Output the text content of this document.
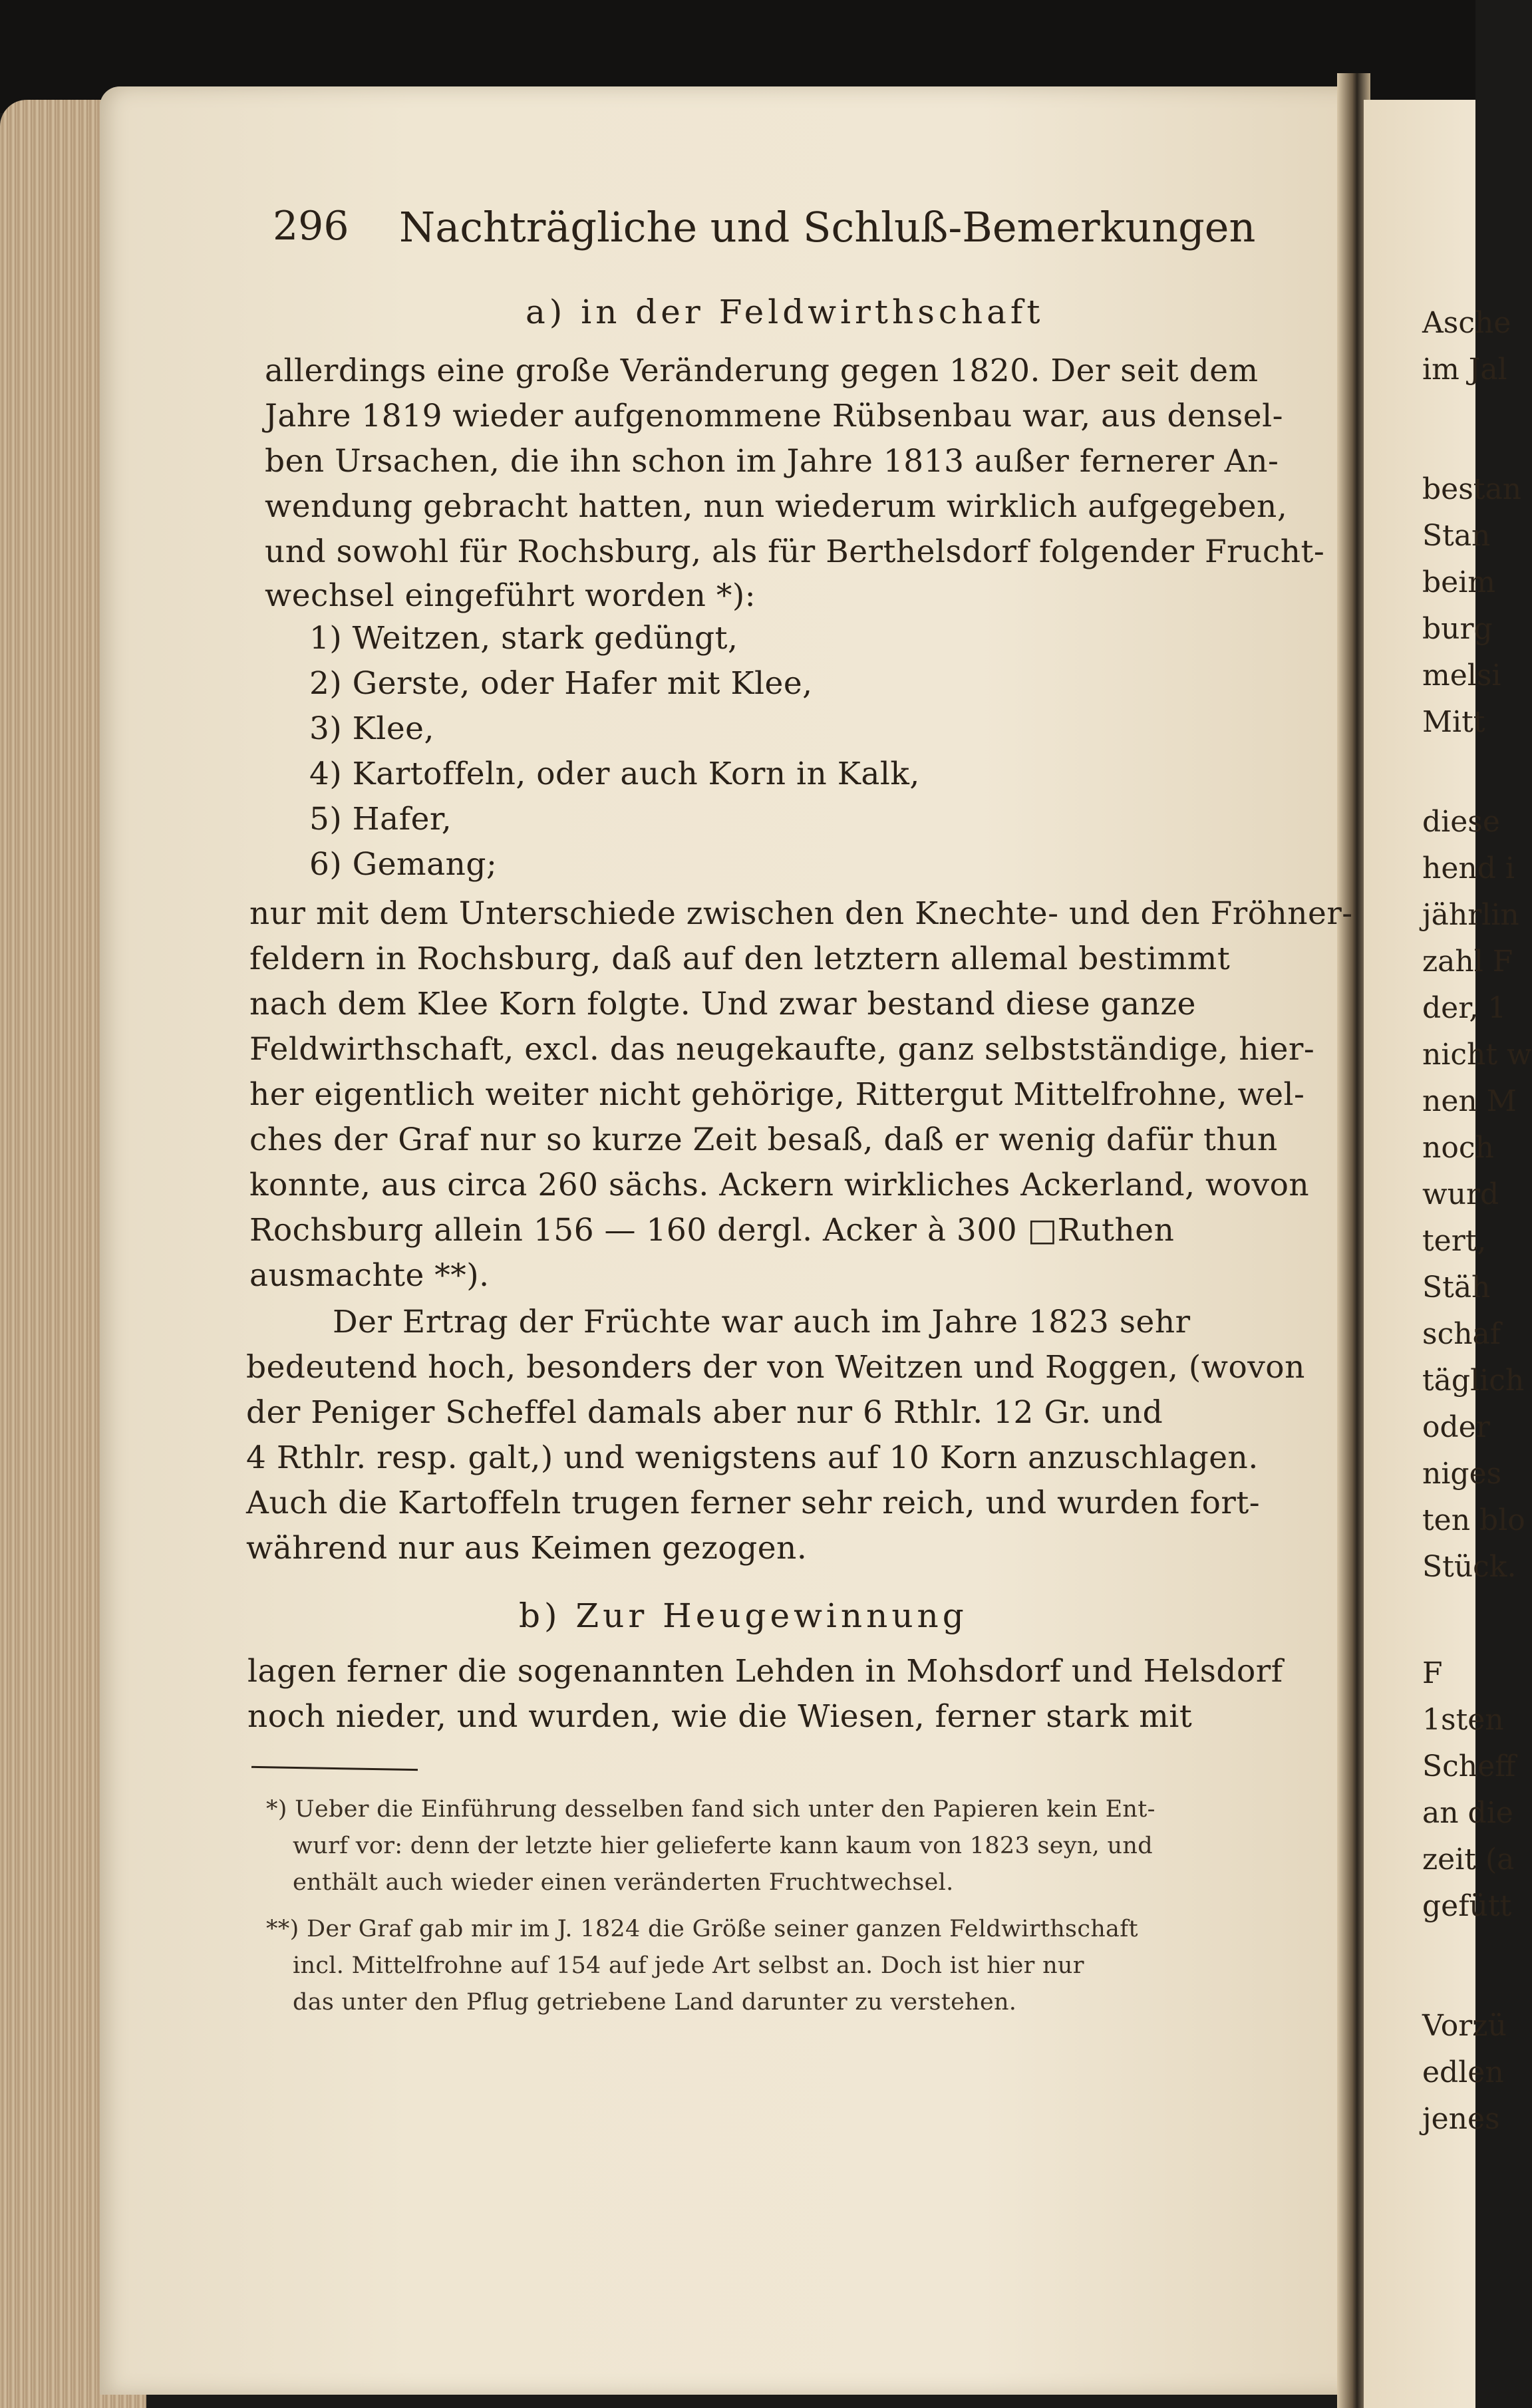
296 Nachträgliche und Schluß-Bemerkungen
a) in der Feldwirthschaft
allerdings eine große Veränderung gegen 1820. Der seit dem
Jahre 1819 wieder aufgenommene Rübsenbau war, aus densel-
ben Ursachen, die ihn schon im Jahre 1813 außer fernerer An-
wendung gebracht hatten, nun wiederum wirklich aufgegeben,
und sowohl für Rochsburg, als für Berthelsdorf folgender Frucht-
wechsel eingeführt worden *):
1) Weitzen, stark gedüngt,
2) Gerste, oder Hafer mit Klee,
3) Klee,
4) Kartoffeln, oder auch Korn in Kalk,
5) Hafer,
6) Gemang;
nur mit dem Unterschiede zwischen den Knechte- und den Fröhner-
feldern in Rochsburg, daß auf den letztern allemal bestimmt
nach dem Klee Korn folgte. Und zwar bestand diese ganze
Feldwirthschaft, excl. das neugekaufte, ganz selbstständige, hier-
her eigentlich weiter nicht gehörige, Rittergut Mittelfrohne, wel-
ches der Graf nur so kurze Zeit besaß, daß er wenig dafür thun
konnte, aus circa 260 sächs. Ackern wirkliches Ackerland, wovon
Rochsburg allein 156 — 160 dergl. Acker à 300 □Ruthen
ausmachte **).
Der Ertrag der Früchte war auch im Jahre 1823 sehr
bedeutend hoch, besonders der von Weitzen und Roggen, (wovon
der Peniger Scheffel damals aber nur 6 Rthlr. 12 Gr. und
4 Rthlr. resp. galt,) und wenigstens auf 10 Korn anzuschlagen.
Auch die Kartoffeln trugen ferner sehr reich, und wurden fort-
während nur aus Keimen gezogen.
b) Zur Heugewinnung
lagen ferner die sogenannten Lehden in Mohsdorf und Helsdorf
noch nieder, und wurden, wie die Wiesen, ferner stark mit
*) Ueber die Einführung desselben fand sich unter den Papieren kein Ent-
wurf vor: denn der letzte hier gelieferte kann kaum von 1823 seyn, und
enthält auch wieder einen veränderten Fruchtwechsel.
**) Der Graf gab mir im J. 1824 die Größe seiner ganzen Feldwirthschaft
incl. Mittelfrohne auf 154 auf jede Art selbst an. Doch ist hier nur
das unter den Pflug getriebene Land darunter zu verstehen.
Asche
im Jal
bestan
Stan
beim
burg
melsi
Mitt
diese
hend i
jährlin
zahl F
der, 1
nicht w
nen M
noch
wurd
tert,
Stäh
schaf
täglich
oder
niges
ten blo
Stück.
F
1sten
Scheff
an die
zeit (a
gefütt
Vorzü
edlen
jenes
